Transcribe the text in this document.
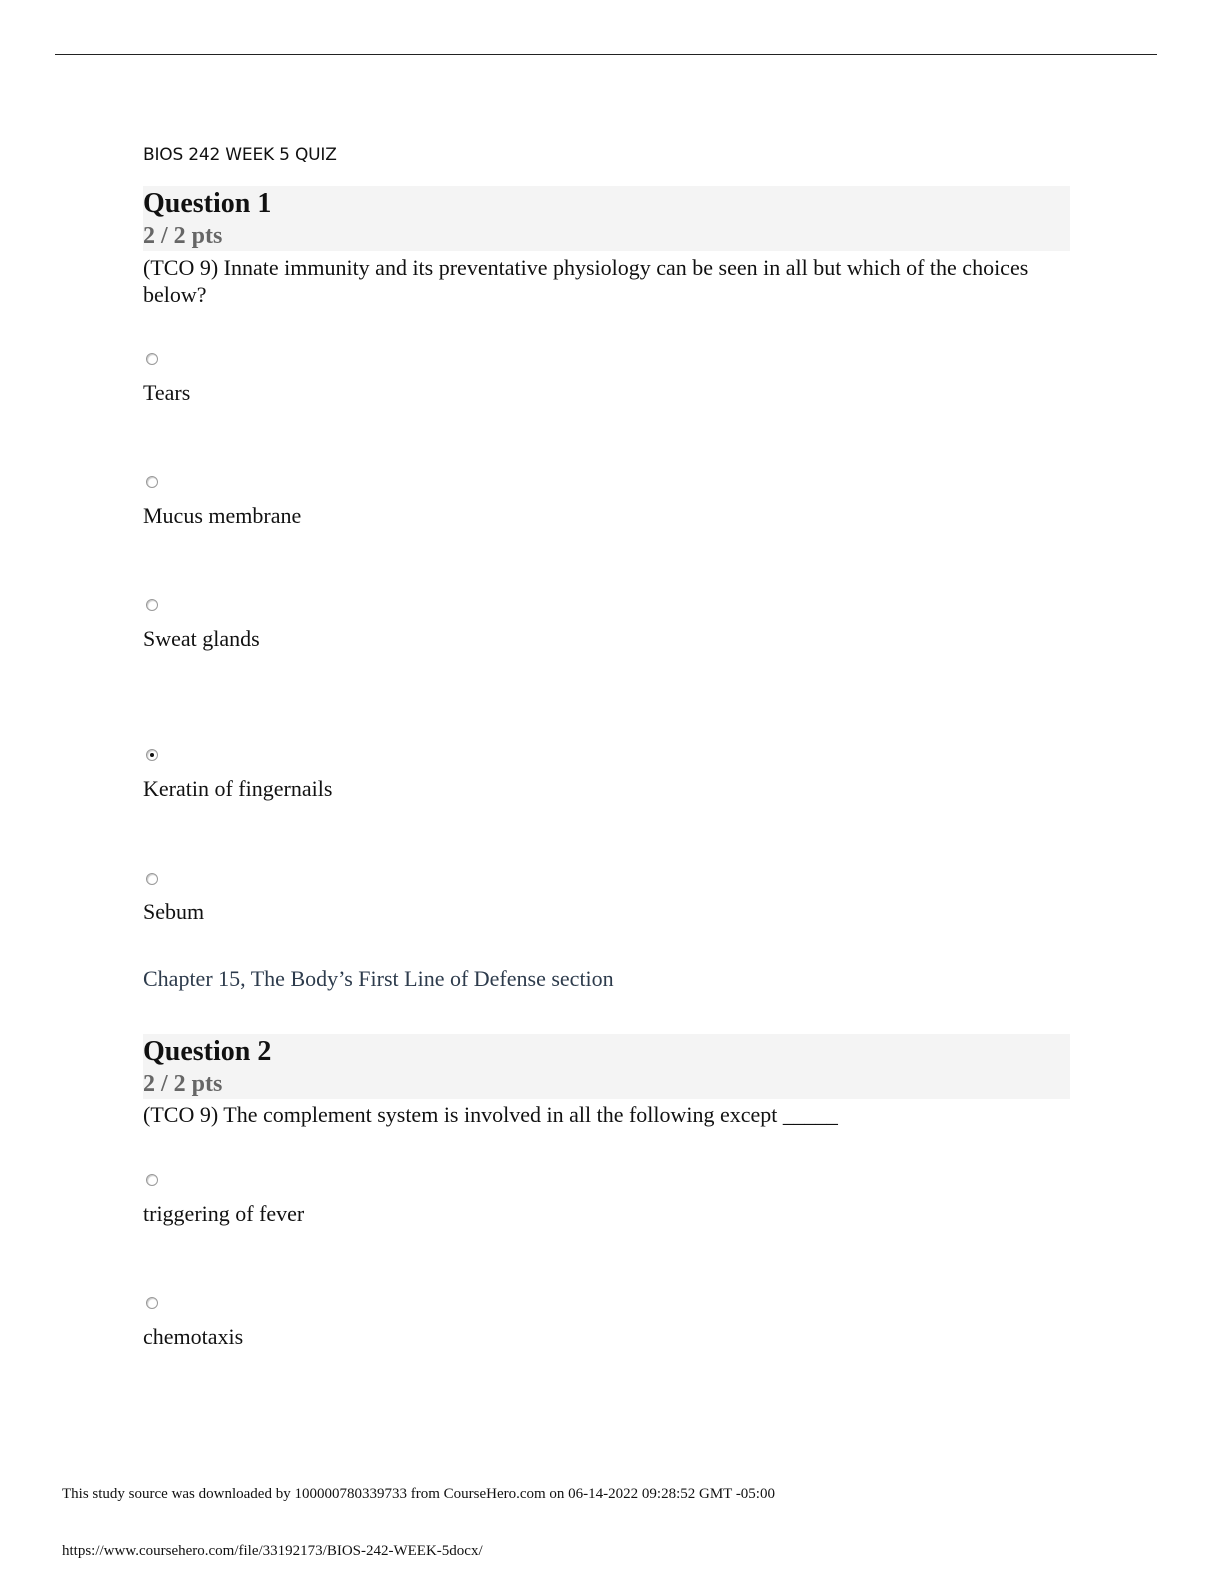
BIOS 242 WEEK 5 QUIZ
Question 1
2 / 2 pts
(TCO 9) Innate immunity and its preventative physiology can be seen in all but which of the choices below?
Tears
Mucus membrane
Sweat glands
Keratin of fingernails
Sebum
Chapter 15, The Body’s First Line of Defense section
Question 2
2 / 2 pts
(TCO 9) The complement system is involved in all the following except _____
triggering of fever
chemotaxis
This study source was downloaded by 100000780339733 from CourseHero.com on 06-14-2022 09:28:52 GMT -05:00
https://www.coursehero.com/file/33192173/BIOS-242-WEEK-5docx/
